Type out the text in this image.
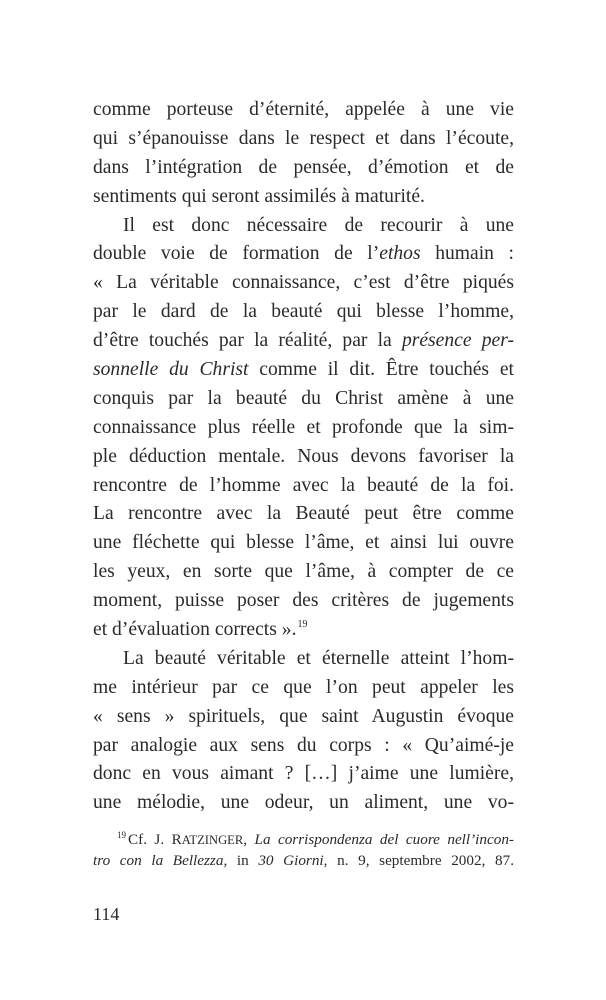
comme porteuse d’éternité, appelée à une vie
qui s’épanouisse dans le respect et dans l’écoute,
dans l’intégration de pensée, d’émotion et de
sentiments qui seront assimilés à maturité.
Il est donc nécessaire de recourir à une
double voie de formation de l’ethos humain :
« La véritable connaissance, c’est d’être piqués
par le dard de la beauté qui blesse l’homme,
d’être touchés par la réalité, par la présence per-
sonnelle du Christ comme il dit. Être touchés et
conquis par la beauté du Christ amène à une
connaissance plus réelle et profonde que la sim-
ple déduction mentale. Nous devons favoriser la
rencontre de l’homme avec la beauté de la foi.
La rencontre avec la Beauté peut être comme
une fléchette qui blesse l’âme, et ainsi lui ouvre
les yeux, en sorte que l’âme, à compter de ce
moment, puisse poser des critères de jugements
et d’évaluation corrects ».$^{19}$
La beauté véritable et éternelle atteint l’hom-
me intérieur par ce que l’on peut appeler les
« sens » spirituels, que saint Augustin évoque
par analogie aux sens du corps : « Qu’aimé-je
donc en vous aimant ? […] j’aime une lumière,
une mélodie, une odeur, un aliment, une vo-
$^{19}$ Cf. J. RATZINGER, La corrispondenza del cuore nell’incon-
tro con la Bellezza, in 30 Giorni, n. 9, septembre 2002, 87.
114
